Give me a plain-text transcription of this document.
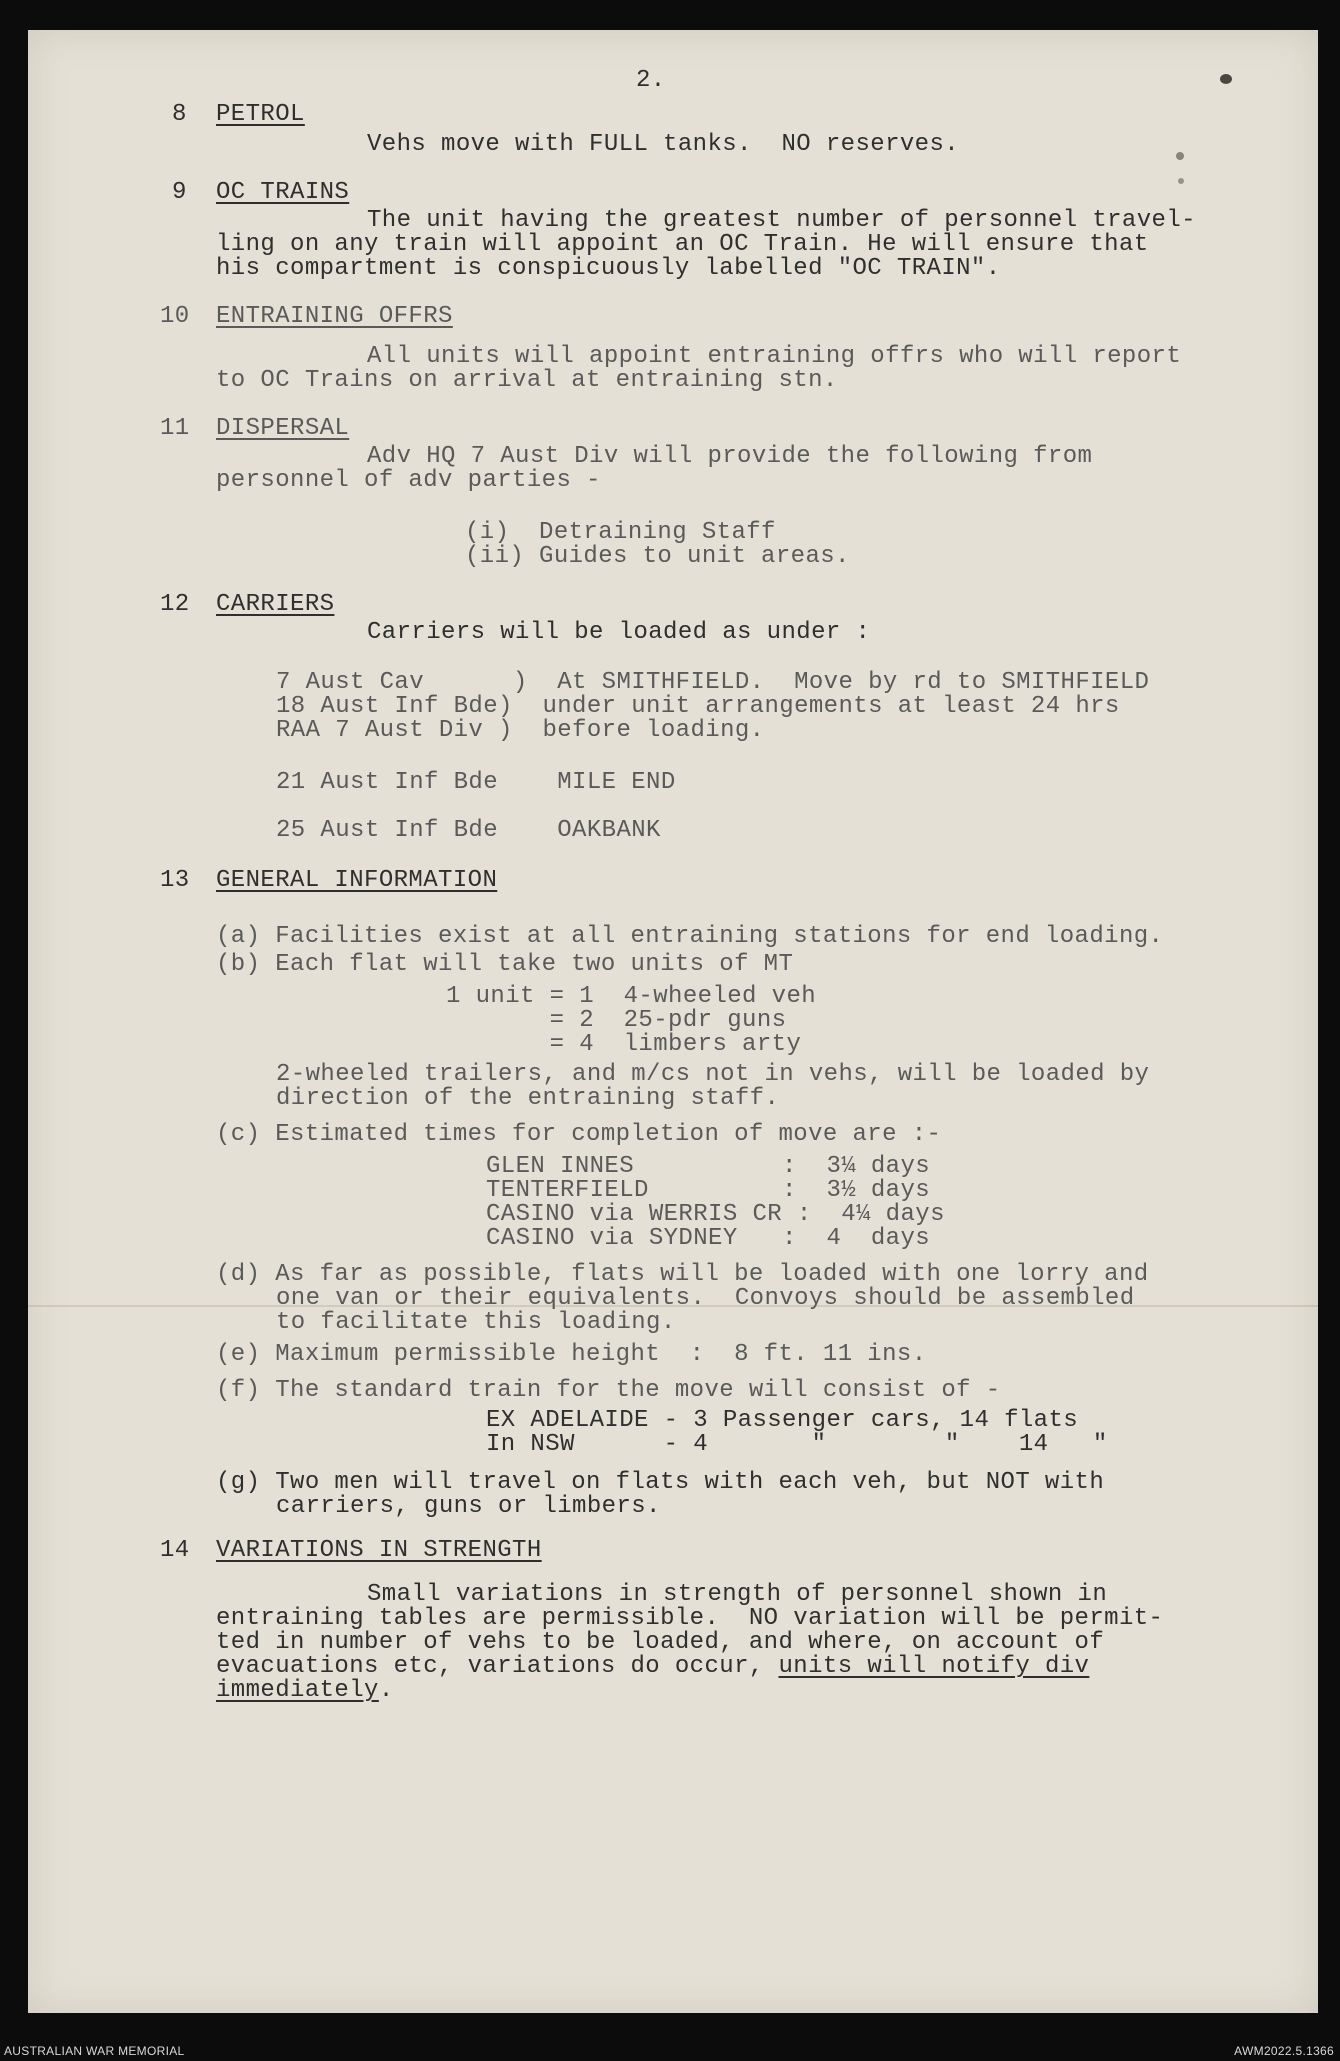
2.
8 PETROL
Vehs move with FULL tanks.  NO reserves.
9 OC TRAINS
The unit having the greatest number of personnel travel-
ling on any train will appoint an OC Train. He will ensure that
his compartment is conspicuously labelled "OC TRAIN".
10 ENTRAINING OFFRS
All units will appoint entraining offrs who will report
to OC Trains on arrival at entraining stn.
11 DISPERSAL
Adv HQ 7 Aust Div will provide the following from
personnel of adv parties -
(i)  Detraining Staff
(ii) Guides to unit areas.
12 CARRIERS
Carriers will be loaded as under :
7 Aust Cav      )  At SMITHFIELD.  Move by rd to SMITHFIELD
18 Aust Inf Bde)  under unit arrangements at least 24 hrs
RAA 7 Aust Div )  before loading.
21 Aust Inf Bde    MILE END
25 Aust Inf Bde    OAKBANK
13 GENERAL INFORMATION
(a) Facilities exist at all entraining stations for end loading.
(b) Each flat will take two units of MT
1 unit = 1  4-wheeled veh
= 2  25-pdr guns
= 4  limbers arty
2-wheeled trailers, and m/cs not in vehs, will be loaded by
direction of the entraining staff.
(c) Estimated times for completion of move are :-
GLEN INNES          :  3¼ days
TENTERFIELD         :  3½ days
CASINO via WERRIS CR :  4¼ days
CASINO via SYDNEY   :  4  days
(d) As far as possible, flats will be loaded with one lorry and
one van or their equivalents.  Convoys should be assembled
to facilitate this loading.
(e) Maximum permissible height  :  8 ft. 11 ins.
(f) The standard train for the move will consist of -
EX ADELAIDE - 3 Passenger cars, 14 flats
In NSW      - 4       "        "    14   "
(g) Two men will travel on flats with each veh, but NOT with
carriers, guns or limbers.
14 VARIATIONS IN STRENGTH
Small variations in strength of personnel shown in
entraining tables are permissible.  NO variation will be permit-
ted in number of vehs to be loaded, and where, on account of
evacuations etc, variations do occur, units will notify div
immediately.
AUSTRALIAN WAR MEMORIAL	AWM2022.5.1366
